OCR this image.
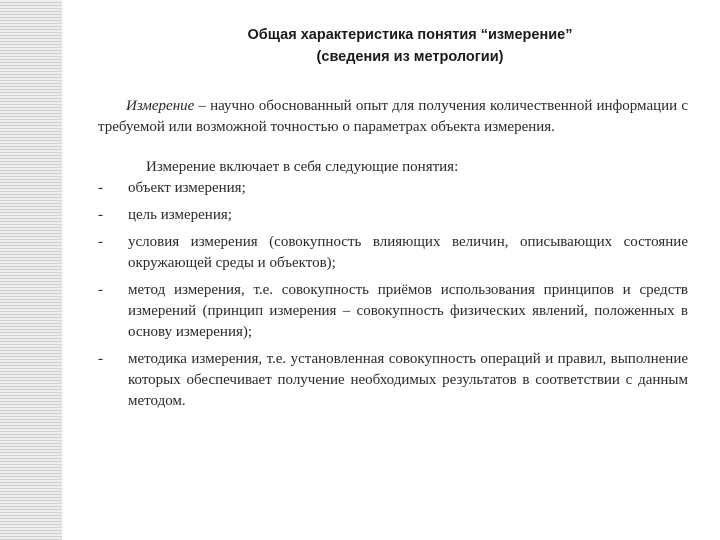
Общая характеристика понятия “измерение”
(сведения из метрологии)

Измерение – научно обоснованный опыт для получения количественной информации с требуемой или возможной точностью о параметрах объекта измерения.

Измерение включает в себя следующие понятия:

-	объект измерения;
-	цель измерения;
-	условия измерения (совокупность влияющих величин, описывающих состояние окружающей среды и объектов);
-	метод измерения, т.е. совокупность приёмов использования принципов и средств измерений (принцип измерения – совокупность физических явлений, положенных в основу измерения);
-	методика измерения, т.е. установленная совокупность операций и правил, выполнение которых обеспечивает получение необходимых результатов в соответствии с данным методом.
